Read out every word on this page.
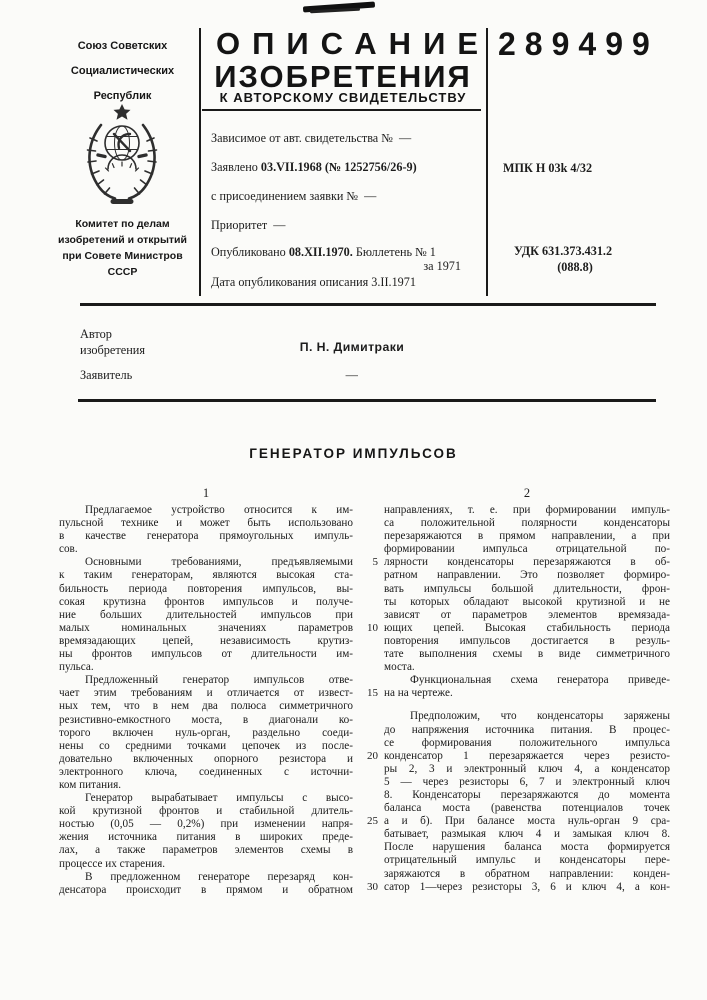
Союз Советских
Социалистических
Республик
Комитет по делам
изобретений и открытий
при Совете Министров
СССР
ОПИСАНИЕ
ИЗОБРЕТЕНИЯ
К АВТОРСКОМУ СВИДЕТЕЛЬСТВУ
289499
Зависимое от авт. свидетельства №  —
Заявлено 03.VII.1968 (№ 1252756/26-9)
с присоединением заявки №  —
Приоритет  —
Опубликовано 08.XII.1970. Бюллетень № 1
за 1971
Дата опубликования описания 3.II.1971
МПК Н 03k 4/32
УДК 631.373.431.2
(088.8)
Автор
изобретения	П. Н. Димитраки
Заявитель	—
ГЕНЕРАТОР ИМПУЛЬСОВ
1	2
Предлагаемое устройство относится к им-
пульсной технике и может быть использовано
в качестве генератора прямоугольных импуль-
сов.
Основными требованиями, предъявляемыми
к таким генераторам, являются высокая ста-
бильность периода повторения импульсов, вы-
сокая крутизна фронтов импульсов и получе-
ние больших длительностей импульсов при
малых номинальных значениях параметров
времязадающих цепей, независимость крутиз-
ны фронтов импульсов от длительности им-
пульса.
Предложенный генератор импульсов отве-
чает этим требованиям и отличается от извест-
ных тем, что в нем два полюса симметричного
резистивно-емкостного моста, в диагонали ко-
торого включен нуль-орган, раздельно соеди-
нены со средними точками цепочек из после-
довательно включенных опорного резистора и
электронного ключа, соединенных с источни-
ком питания.
Генератор вырабатывает импульсы с высо-
кой крутизной фронтов и стабильной длитель-
ностью (0,05 — 0,2%) при изменении напря-
жения источника питания в широких преде-
лах, а также параметров элементов схемы в
процессе их старения.
В предложенном генераторе перезаряд кон-
денсатора происходит в прямом и обратном
направлениях, т. е. при формировании импуль-
са положительной полярности конденсаторы
перезаряжаются в прямом направлении, а при
формировании импульса отрицательной по-
лярности конденсаторы перезаряжаются в об-
5
ратном направлении. Это позволяет формиро-
вать импульсы большой длительности, фрон-
ты которых обладают высокой крутизной и не
зависят от параметров элементов времязада-
ющих цепей. Высокая стабильность периода
10
повторения импульсов достигается в резуль-
тате выполнения схемы в виде симметричного
моста.
Функциональная схема генератора приведе-
на на чертеже.
15
Предположим, что конденсаторы заряжены
до напряжения источника питания. В процес-
се формирования положительного импульса
конденсатор 1 перезаряжается через резисто-
20
ры 2, 3 и электронный ключ 4, а конденсатор
5 — через резисторы 6, 7 и электронный ключ
8. Конденсаторы перезаряжаются до момента
баланса моста (равенства потенциалов точек
а и б). При балансе моста нуль-орган 9 сра-
25
батывает, размыкая ключ 4 и замыкая ключ 8.
После нарушения баланса моста формируется
отрицательный импульс и конденсаторы пере-
заряжаются в обратном направлении: конден-
сатор 1—через резисторы 3, 6 и ключ 4, а кон-
30
